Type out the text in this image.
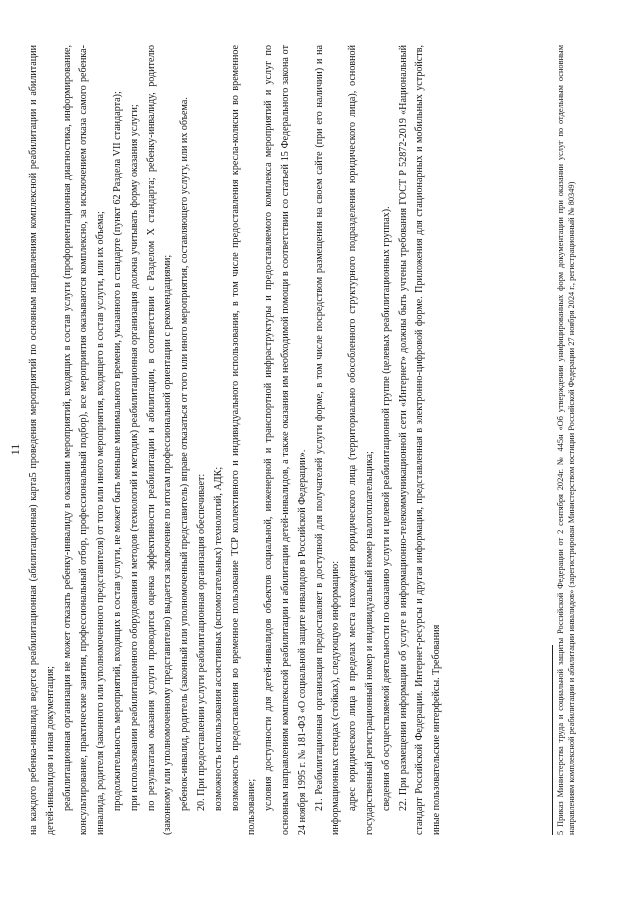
11 на каждого ребенка-инвалида ведется реабилитационная (абилитационная) карта5 проведения мероприятий по основным направлениям комплексной реабилитации и абилитации детей-инвалидов и иная документация; реабилитационная организация не может отказать ребенку-инвалиду в оказании мероприятий, входящих в состав услуги (профориентационная диагностика, информирование, консультирование, практические занятия, профессиональный отбор, профессиональный подбор), все мероприятия оказываются комплексно, за исключением отказа самого ребенка-инвалида, родителя (законного или уполномоченного представителя) от того или иного мероприятия, входящего в состав услуги, или их объема; продолжительность мероприятий, входящих в состав услуги, не может быть меньше минимального времени, указанного в стандарте (пункт 62 Раздела VII стандарта); при использовании реабилитационного оборудования и методов (технологий и методик) реабилитационная организация должна учитывать форму оказания услуги; по результатам оказания услуги проводится оценка эффективности реабилитации и абилитации, в соответствии с Разделом X стандарта; ребенку-инвалиду, родителю (законному или уполномоченному представителю) выдается заключение по итогам профессиональной ориентации с рекомендациями; ребенок-инвалид, родитель (законный или уполномоченный представитель) вправе отказаться от того или иного мероприятия, составляющего услугу, или их объема. 20. При предоставлении услуги реабилитационная организация обеспечивает: возможность использования ассистивных (вспомогательных) технологий, АДК; возможность предоставления во временное пользование ТСР коллективного и индивидуального использования, в том числе предоставления кресла-коляски во временное пользование; условия доступности для детей-инвалидов объектов социальной, инженерной и транспортной инфраструктуры и предоставляемого комплекса мероприятий и услуг по основным направлениям комплексной реабилитации и абилитации детей-инвалидов, а также оказания им необходимой помощи в соответствии со статьей 15 Федерального закона от 24 ноября 1995 г. № 181-ФЗ «О социальной защите инвалидов в Российской Федерации». 21. Реабилитационная организация предоставляет в доступной для получателей услуги форме, в том числе посредством размещения на своем сайте (при его наличии) и на информационных стендах (стойках), следующую информацию: адрес юридического лица в пределах места нахождения юридического лица (территориально обособленного структурного подразделения юридического лица), основной государственный регистрационный номер и индивидуальный номер налогоплательщика; сведения об осуществляемой деятельности по оказанию услуги и целевой реабилитационной группе (целевых реабилитационных группах). 22. При размещении информации об услуге в информационно-телекоммуникационной сети «Интернет» должны быть учтены требования ГОСТ Р 52872-2019 «Национальный стандарт Российской Федерации. Интернет-ресурсы и другая информация, представленная в электронно-цифровой форме. Приложения для стационарных и мобильных устройств, иные пользовательские интерфейсы. Требования	5 Приказ Министерства труда и социальной защиты Российской Федерации от 2 сентября 2024г. № 445н «Об утверждении унифицированных форм документации при оказании услуг по отдельным основным направлениям комплексной реабилитации и абилитации инвалидов» (зарегистрирован Министерством юстиции Российской Федерации 27 ноября 2024 г., регистрационный № 80349)
